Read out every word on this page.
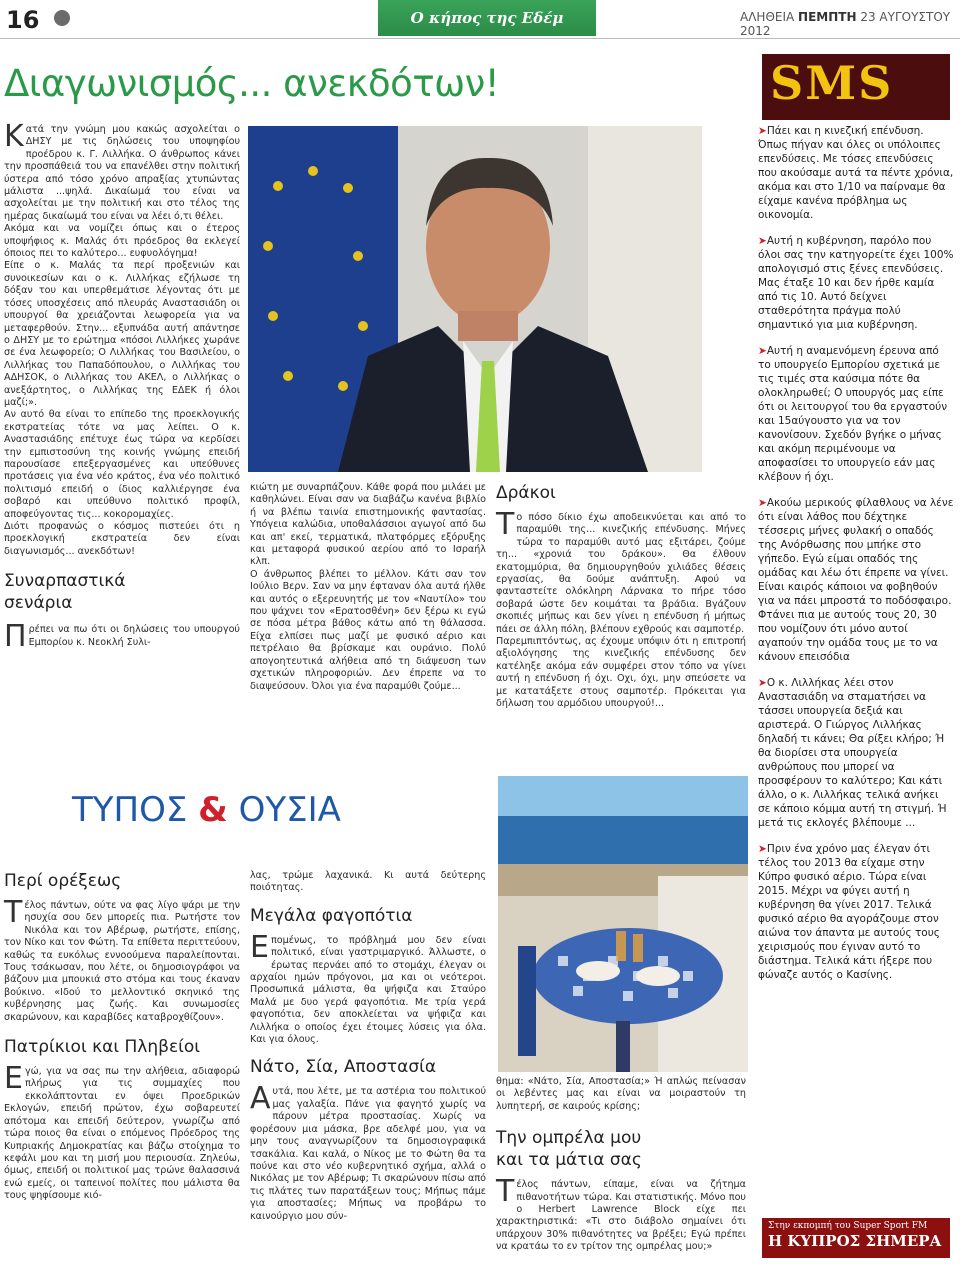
16	Ο κήπος της Εδέμ	ΑΛΗΘΕΙΑ ΠΕΜΠΤΗ 23 ΑΥΓΟΥΣΤΟΥ 2012
Διαγωνισμός... ανεκδότων!	SMS

Κατά την γνώμη μου κακώς ασχολείται ο ΔΗΣΥ με τις δηλώσεις του υποψηφίου προέδρου κ. Γ. Λιλλήκα. Ο άνθρωπος κάνει την προσπάθειά του να επανέλθει στην πολιτική ύστερα από τόσο χρόνο απραξίας χτυπώντας μάλιστα ...ψηλά. Δικαίωμά του είναι να ασχολείται με την πολιτική και στο τέλος της ημέρας δικαίωμά του είναι να λέει ό,τι θέλει.

Ακόμα και να νομίζει όπως και ο έτερος υποψήφιος κ. Μαλάς ότι πρόεδρος θα εκλεγεί όποιος πει το καλύτερο... ευφυολόγημα!

Είπε ο κ. Μαλάς τα περί προξενιών και συνοικεσίων και ο κ. Λιλλήκας εζήλωσε τη δόξαν του και υπερθεμάτισε λέγοντας ότι με τόσες υποσχέσεις από πλευράς Αναστασιάδη οι υπουργοί θα χρειάζονται λεωφορεία για να μεταφερθούν. Στην... εξυπνάδα αυτή απάντησε ο ΔΗΣΥ με το ερώτημα «πόσοι Λιλλήκες χωράνε σε ένα λεωφορείο; Ο Λιλλήκας του Βασιλείου, ο Λιλλήκας του Παπαδόπουλου, ο Λιλλήκας του ΑΔΗΣΟΚ, ο Λιλλήκας του ΑΚΕΛ, ο Λιλλήκας ο ανεξάρτητος, ο Λιλλήκας της ΕΔΕΚ ή όλοι μαζί;».

Αν αυτό θα είναι το επίπεδο της προεκλογικής εκστρατείας τότε να μας λείπει. Ο κ. Αναστασιάδης επέτυχε έως τώρα να κερδίσει την εμπιστοσύνη της κοινής γνώμης επειδή παρουσίασε επεξεργασμένες και υπεύθυνες προτάσεις για ένα νέο κράτος, ένα νέο πολιτικό πολιτισμό επειδή ο ίδιος καλλιέργησε ένα σοβαρό και υπεύθυνο πολιτικό προφίλ, αποφεύγοντας τις... κοκορομαχίες.

Διότι προφανώς ο κόσμος πιστεύει ότι η προεκλογική εκστρατεία δεν είναι διαγωνισμός... ανεκδότων!

Συναρπαστικά
σενάρια

Πρέπει να πω ότι οι δηλώσεις του υπουργού Εμπορίου κ. Νεοκλή Συλι-

Περί ορέξεως

Τέλος πάντων, ούτε να φας λίγο ψάρι με την ησυχία σου δεν μπορείς πια. Ρωτήστε τον Νικόλα και τον Αβέρωφ, ρωτήστε, επίσης, τον Νίκο και τον Φώτη. Τα επίθετα περιττεύουν, καθώς τα ευκόλως εννοούμενα παραλείπονται. Τους τσάκωσαν, που λέτε, οι δημοσιογράφοι να βάζουν μια μπουκιά στο στόμα και τους έκαναν βούκινο. «Ιδού το μελλοντικό σκηνικό της κυβέρνησης μας ζωής. Και συνωμοσίες σκαρώνουν, και καραβίδες καταβροχθίζουν».

Πατρίκιοι και Πληβείοι

Εγώ, για να σας πω την αλήθεια, αδιαφορώ πλήρως για τις συμμαχίες που εκκολάπτονται εν όψει Προεδρικών Εκλογών, επειδή πρώτον, έχω σοβαρευτεί απότομα και επειδή δεύτερον, γνωρίζω από τώρα ποιος θα είναι ο επόμενος Πρόεδρος της Κυπριακής Δημοκρατίας και βάζω στοίχημα το κεφάλι μου και τη μισή μου περιουσία. Ζηλεύω, όμως, επειδή οι πολιτικοί μας τρώνε θαλασσινά ενώ εμείς, οι ταπεινοί πολίτες που μάλιστα θα τους ψηφίσουμε κιό-

κιώτη με συναρπάζουν. Κάθε φορά που μιλάει με καθηλώνει. Είναι σαν να διαβάζω κανένα βιβλίο ή να βλέπω ταινία επιστημονικής φαντασίας. Υπόγεια καλώδια, υποθαλάσσιοι αγωγοί από δω και απ' εκεί, τερματικά, πλατφόρμες εξόρυξης και μεταφορά φυσικού αερίου από το Ισραήλ κλπ.

Ο άνθρωπος βλέπει το μέλλον. Κάτι σαν τον Ιούλιο Βερν. Σαν να μην έφταναν όλα αυτά ήλθε και αυτός ο εξερευνητής με τον «Ναυτίλο» του που ψάχνει τον «Ερατοσθένη» δεν ξέρω κι εγώ σε πόσα μέτρα βάθος κάτω από τη θάλασσα. Είχα ελπίσει πως μαζί με φυσικό αέριο και πετρέλαιο θα βρίσκαμε και ουράνιο. Πολύ απογοητευτικά αλήθεια από τη διάψευση των σχετικών πληροφοριών. Δεν έπρεπε να το διαψεύσουν. Όλοι για ένα παραμύθι ζούμε...

ΤΥΠΟΣ & ΟΥΣΙΑ

λας, τρώμε λαχανικά. Κι αυτά δεύτερης ποιότητας.

Μεγάλα φαγοπότια

Επομένως, το πρόβλημά μου δεν είναι πολιτικό, είναι γαστριμαργικό. Άλλωστε, ο έρωτας περνάει από το στομάχι, έλεγαν οι αρχαίοι ημών πρόγονοι, μα και οι νεότεροι. Προσωπικά μάλιστα, θα ψήφιζα και Σταύρο Μαλά με δυο γερά φαγοπότια. Με τρία γερά φαγοπότια, δεν αποκλείεται να ψήφιζα και Λιλλήκα ο οποίος έχει έτοιμες λύσεις για όλα. Και για όλους.

Νάτο, Σία, Αποστασία

Αυτά, που λέτε, με τα αστέρια του πολιτικού μας γαλαξία. Πάνε για φαγητό χωρίς να πάρουν μέτρα προστασίας. Χωρίς να φορέσουν μια μάσκα, βρε αδελφέ μου, για να μην τους αναγνωρίζουν τα δημοσιογραφικά τσακάλια. Και καλά, ο Νίκος με το Φώτη θα τα πούνε και στο νέο κυβερνητικό σχήμα, αλλά ο Νικόλας με τον Αβέρωφ; Τι σκαρώνουν πίσω από τις πλάτες των παρατάξεων τους; Μήπως πάμε για αποστασίες; Μήπως να προβάρω το καινούργιο μου σύν-

Δράκοι

Το πόσο δίκιο έχω αποδεικνύεται και από το παραμύθι της... κινεζικής επένδυσης. Μήνες τώρα το παραμύθι αυτό μας εξιτάρει, ζούμε τη... «χρονιά του δράκου». Θα έλθουν εκατομμύρια, θα δημιουργηθούν χιλιάδες θέσεις εργασίας, θα δούμε ανάπτυξη. Αφού να φανταστείτε ολόκληρη Λάρνακα το πήρε τόσο σοβαρά ώστε δεν κοιμάται τα βράδια. Βγάζουν σκοπιές μήπως και δεν γίνει η επένδυση ή μήπως πάει σε άλλη πόλη, βλέπουν εχθρούς και σαμποτέρ.

Παρεμπιπτόντως, ας έχουμε υπόψιν ότι η επιτροπή αξιολόγησης της κινεζικής επένδυσης δεν κατέληξε ακόμα εάν συμφέρει στον τόπο να γίνει αυτή η επένδυση ή όχι. Οχι, όχι, μην σπεύσετε να με κατατάξετε στους σαμποτέρ. Πρόκειται για δήλωση του αρμόδιου υπουργού!...

θημα: «Νάτο, Σία, Αποστασία;» Ή απλώς πείνασαν οι λεβέντες μας και είναι να μοιραστούν τη λυπητερή, σε καιρούς κρίσης;

Την ομπρέλα μου
και τα μάτια σας

Τέλος πάντων, είπαμε, είναι να ζήτημα πιθανοτήτων τώρα. Και στατιστικής. Μόνο που ο Herbert Lawrence Block είχε πει χαρακτηριστικά: «Τι στο διάβολο σημαίνει ότι υπάρχουν 30% πιθανότητες να βρέξει; Εγώ πρέπει να κρατάω το εν τρίτον της ομπρέλας μου;»

➤Πάει και η κινεζική επένδυση. Όπως πήγαν και όλες οι υπόλοιπες επενδύσεις. Με τόσες επενδύσεις που ακούσαμε αυτά τα πέντε χρόνια, ακόμα και στο 1/10 να παίρναμε θα είχαμε κανένα πρόβλημα ως οικονομία.

➤Αυτή η κυβέρνηση, παρόλο που όλοι σας την κατηγορείτε έχει 100% απολογισμό στις ξένες επενδύσεις. Μας έταξε 10 και δεν ήρθε καμία από τις 10. Αυτό δείχνει σταθερότητα πράγμα πολύ σημαντικό για μια κυβέρνηση.

➤Αυτή η αναμενόμενη έρευνα από το υπουργείο Εμπορίου σχετικά με τις τιμές στα καύσιμα πότε θα ολοκληρωθεί; Ο υπουργός μας είπε ότι οι λειτουργοί του θα εργαστούν και 15αύγουστο για να τον κανονίσουν. Σχεδόν βγήκε ο μήνας και ακόμη περιμένουμε να αποφασίσει το υπουργείο εάν μας κλέβουν ή όχι.

➤Ακούω μερικούς φίλαθλους να λένε ότι είναι λάθος που δέχτηκε τέσσερις μήνες φυλακή ο οπαδός της Ανόρθωσης που μπήκε στο γήπεδο. Εγώ είμαι οπαδός της ομάδας και λέω ότι έπρεπε να γίνει. Είναι καιρός κάποιοι να φοβηθούν για να πάει μπροστά το ποδόσφαιρο. Φτάνει πια με αυτούς τους 20, 30 που νομίζουν ότι μόνο αυτοί αγαπούν την ομάδα τους με το να κάνουν επεισόδια

➤Ο κ. Λιλλήκας λέει στον Αναστασιάδη να σταματήσει να τάσσει υπουργεία δεξιά και αριστερά. Ο Γιώργος Λιλλήκας δηλαδή τι κάνει; Θα ρίξει κλήρο; Ή θα διορίσει στα υπουργεία ανθρώπους που μπορεί να προσφέρουν το καλύτερο; Και κάτι άλλο, ο κ. Λιλλήκας τελικά ανήκει σε κάποιο κόμμα αυτή τη στιγμή. Ή μετά τις εκλογές βλέπουμε ...

➤Πριν ένα χρόνο μας έλεγαν ότι τέλος του 2013 θα είχαμε στην Κύπρο φυσικό αέριο. Τώρα είναι 2015. Μέχρι να φύγει αυτή η κυβέρνηση θα γίνει 2017. Τελικά φυσικό αέριο θα αγοράζουμε στον αιώνα τον άπαντα με αυτούς τους χειρισμούς που έγιναν αυτό το διάστημα. Τελικά κάτι ήξερε που φώναζε αυτός ο Κασίνης.

Στην εκπομπή του Super Sport FM
Η ΚΥΠΡΟΣ ΣΗΜΕΡΑ
